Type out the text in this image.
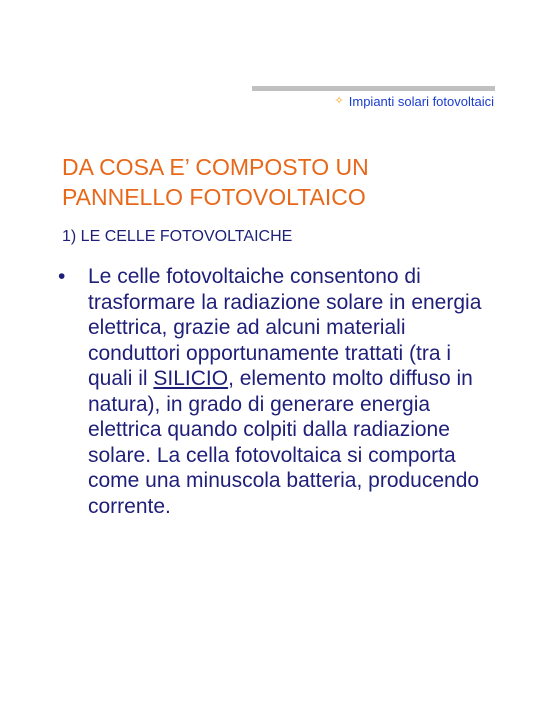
✧ Impianti solari fotovoltaici
DA COSA E’ COMPOSTO UN
PANNELLO FOTOVOLTAICO

1) LE CELLE FOTOVOLTAICHE

•	Le celle fotovoltaiche consentono di trasformare la radiazione solare in energia elettrica, grazie ad alcuni materiali conduttori opportunamente trattati (tra i quali il SILICIO, elemento molto diffuso in natura), in grado di generare energia elettrica quando colpiti dalla radiazione solare. La cella fotovoltaica si comporta come una minuscola batteria, producendo corrente.
